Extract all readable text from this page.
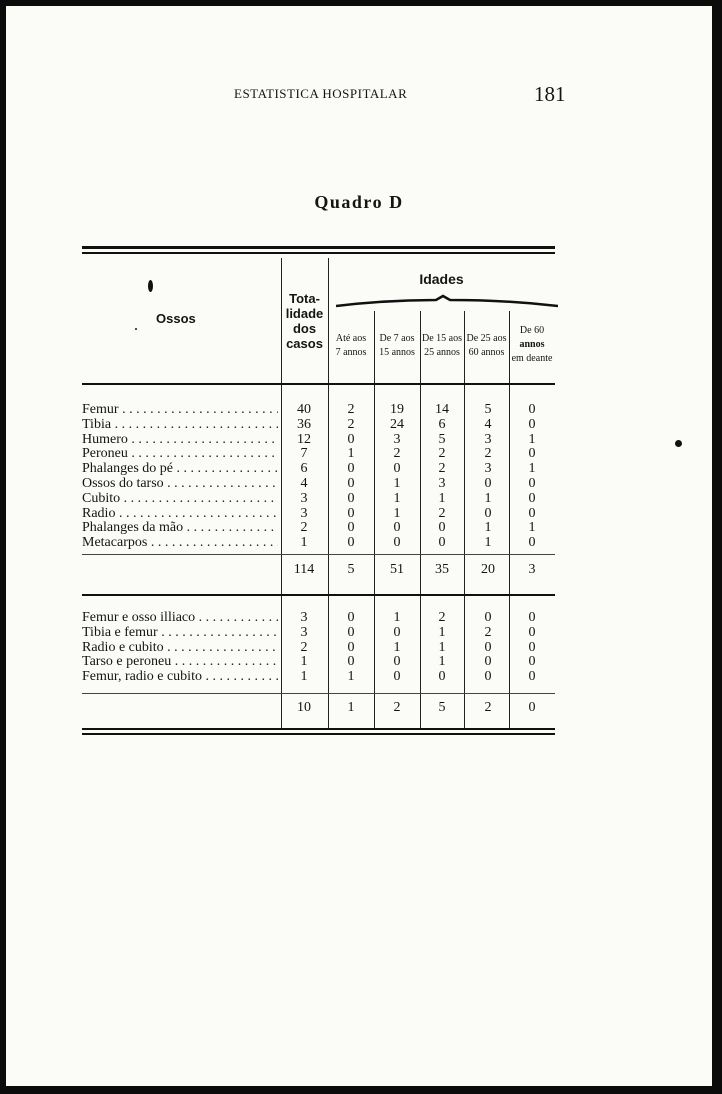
ESTATISTICA HOSPITALAR	181
Quadro D
Ossos
Tota-
lidade
dos
casos
Idades
Até aos
7 annos
De 7 aos
15 annos
De 15 aos
25 annos
De 25 aos
60 annos
De 60
annos
em deante
Femur . . .	40	2	19	14	5	0
Tibia . . .	36	2	24	6	4	0
Humero . . .	12	0	3	5	3	1
Peroneu . . .	7	1	2	2	2	0
Phalanges do pé . . .	6	0	0	2	3	1
Ossos do tarso . . .	4	0	1	3	0	0
Cubito . . .	3	0	1	1	1	0
Radio . . .	3	0	1	2	0	0
Phalanges da mão . . .	2	0	0	0	1	1
Metacarpos . . .	1	0	0	0	1	0
114	5	51	35	20	3
Femur e osso illiaco . . .	3	0	1	2	0	0
Tibia e femur . . .	3	0	0	1	2	0
Radio e cubito . . .	2	0	1	1	0	0
Tarso e peroneu . . .	1	0	0	1	0	0
Femur, radio e cubito . . .	1	1	0	0	0	0
10	1	2	5	2	0
